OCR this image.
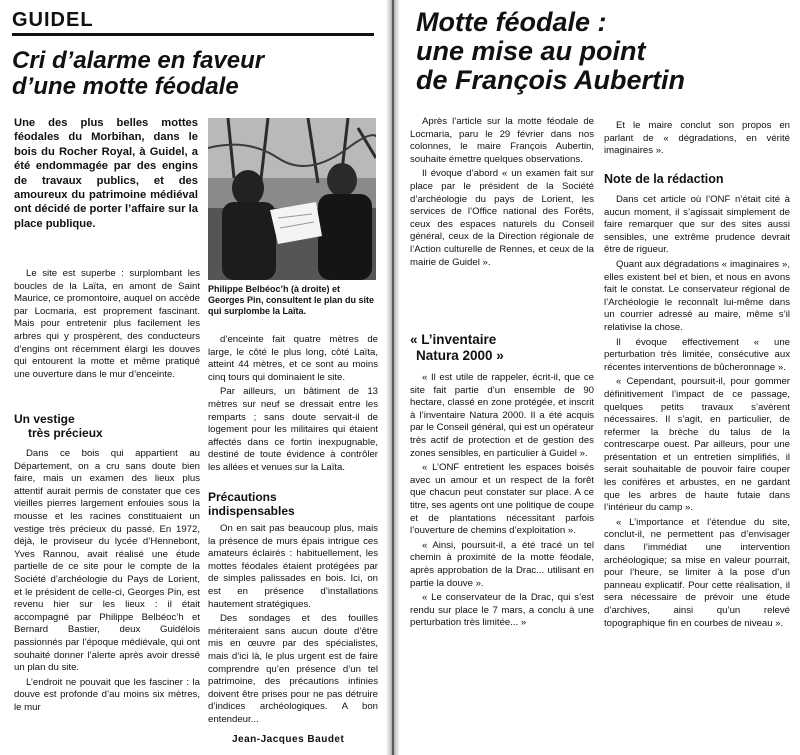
GUIDEL
Cri d’alarme en faveur
d’une motte féodale

Une des plus belles mottes féodales du Morbihan, dans le bois du Rocher Royal, à Guidel, a été endommagée par des engins de travaux publics, et des amoureux du patrimoine médiéval ont décidé de porter l’affaire sur la place publique.

Philippe Belbéoc’h (à droite) et Georges Pin, consultent le plan du site qui surplombe la Laïta.

Le site est superbe : surplombant les boucles de la Laïta, en amont de Saint Maurice, ce promontoire, auquel on accède par Locmaria, est proprement fascinant. Mais pour entretenir plus facilement les arbres qui y prospèrent, des conducteurs d’engins ont récemment élargi les douves qui entourent la motte et même pratiqué une ouverture dans le mur d’enceinte.

Un vestige
très précieux

Dans ce bois qui appartient au Département, on a cru sans doute bien faire, mais un examen des lieux plus attentif aurait permis de constater que ces vieilles pierres largement enfouies sous la mousse et les racines constituaient un vestige très précieux du passé. En 1972, déjà, le proviseur du lycée d’Hennebont, Yves Rannou, avait réalisé une étude partielle de ce site pour le compte de la Société d’archéologie du Pays de Lorient, et le président de celle-ci, Georges Pin, est revenu hier sur les lieux : il était accompagné par Philippe Belbéoc’h et Bernard Bastier, deux Guidélois passionnés par l’époque médiévale, qui ont souhaité donner l’alerte après avoir dressé un plan du site.

L’endroit ne pouvait que les fasciner : la douve est profonde d’au moins six mètres, le mur

d’enceinte fait quatre mètres de large, le côté le plus long, côté Laïta, atteint 44 mètres, et ce sont au moins cinq tours qui dominaient le site.

Par ailleurs, un bâtiment de 13 mètres sur neuf se dressait entre les remparts ; sans doute servait-il de logement pour les militaires qui étaient affectés dans ce fortin inexpugnable, destiné de toute évidence à contrôler les allées et venues sur la Laïta.

Précautions
indispensables

On en sait pas beaucoup plus, mais la présence de murs épais intrigue ces amateurs éclairés : habituellement, les mottes féodales étaient protégées par de simples palissades en bois. Ici, on est en présence d’installations hautement stratégiques.

Des sondages et des fouilles mériteraient sans aucun doute d’être mis en œuvre par des spécialistes, mais d’ici là, le plus urgent est de faire comprendre qu’en présence d’un tel patrimoine, des précautions infinies doivent être prises pour ne pas détruire d’indices archéologiques. A bon entendeur...

Jean-Jacques Baudet
Motte féodale :
une mise au point
de François Aubertin

Après l’article sur la motte féodale de Locmaria, paru le 29 février dans nos colonnes, le maire François Aubertin, souhaite émettre quelques observations.

Il évoque d’abord « un examen fait sur place par le président de la Société d’archéologie du pays de Lorient, les services de l’Office national des Forêts, ceux des espaces naturels du Conseil général, ceux de la Direction régionale de l’Action culturelle de Rennes, et ceux de la mairie de Guidel ».

« L’inventaire
Natura 2000 »

« Il est utile de rappeler, écrit-il, que ce site fait partie d’un ensemble de 90 hectare, classé en zone protégée, et inscrit à l’inventaire Natura 2000. Il a été acquis par le Conseil général, qui est un opérateur très actif de protection et de gestion des zones sensibles, en particulier à Guidel ».

« L’ONF entretient les espaces boisés avec un amour et un respect de la forêt que chacun peut constater sur place. A ce titre, ses agents ont une politique de coupe et de plantations nécessitant parfois l’ouverture de chemins d’exploitation ».

« Ainsi, poursuit-il, a été tracé un tel chemin à proximité de la motte féodale, après approbation de la Drac... utilisant en partie la douve ».

« Le conservateur de la Drac, qui s’est rendu sur place le 7 mars, a conclu à une perturbation très limitée... »

Et le maire conclut son propos en parlant de « dégradations, en vérité imaginaires ».

Note de la rédaction

Dans cet article où l’ONF n’était cité à aucun moment, il s’agissait simplement de faire remarquer que sur des sites aussi sensibles, une extrême prudence devrait être de rigueur.

Quant aux dégradations « imaginaires », elles existent bel et bien, et nous en avons fait le constat. Le conservateur régional de l’Archéologie le reconnaît lui-même dans un courrier adressé au maire, même s’il relativise la chose.

Il évoque effectivement « une perturbation très limitée, consécutive aux récentes interventions de bûcheronnage ».

« Cependant, poursuit-il, pour gommer définitivement l’impact de ce passage, quelques petits travaux s’avèrent nécessaires. Il s’agit, en particulier, de refermer la brèche du talus de la contrescarpe ouest. Par ailleurs, pour une présentation et un entretien simplifiés, il serait souhaitable de pouvoir faire couper les conifères et arbustes, en ne gardant que les arbres de haute futaie dans l’intérieur du camp ».

« L’importance et l’étendue du site, conclut-il, ne permettent pas d’envisager dans l’immédiat une intervention archéologique; sa mise en valeur pourrait, pour l’heure, se limiter à la pose d’un panneau explicatif. Pour cette réalisation, il sera nécessaire de prévoir une étude d’archives, ainsi qu’un relevé topographique fin en courbes de niveau ».
